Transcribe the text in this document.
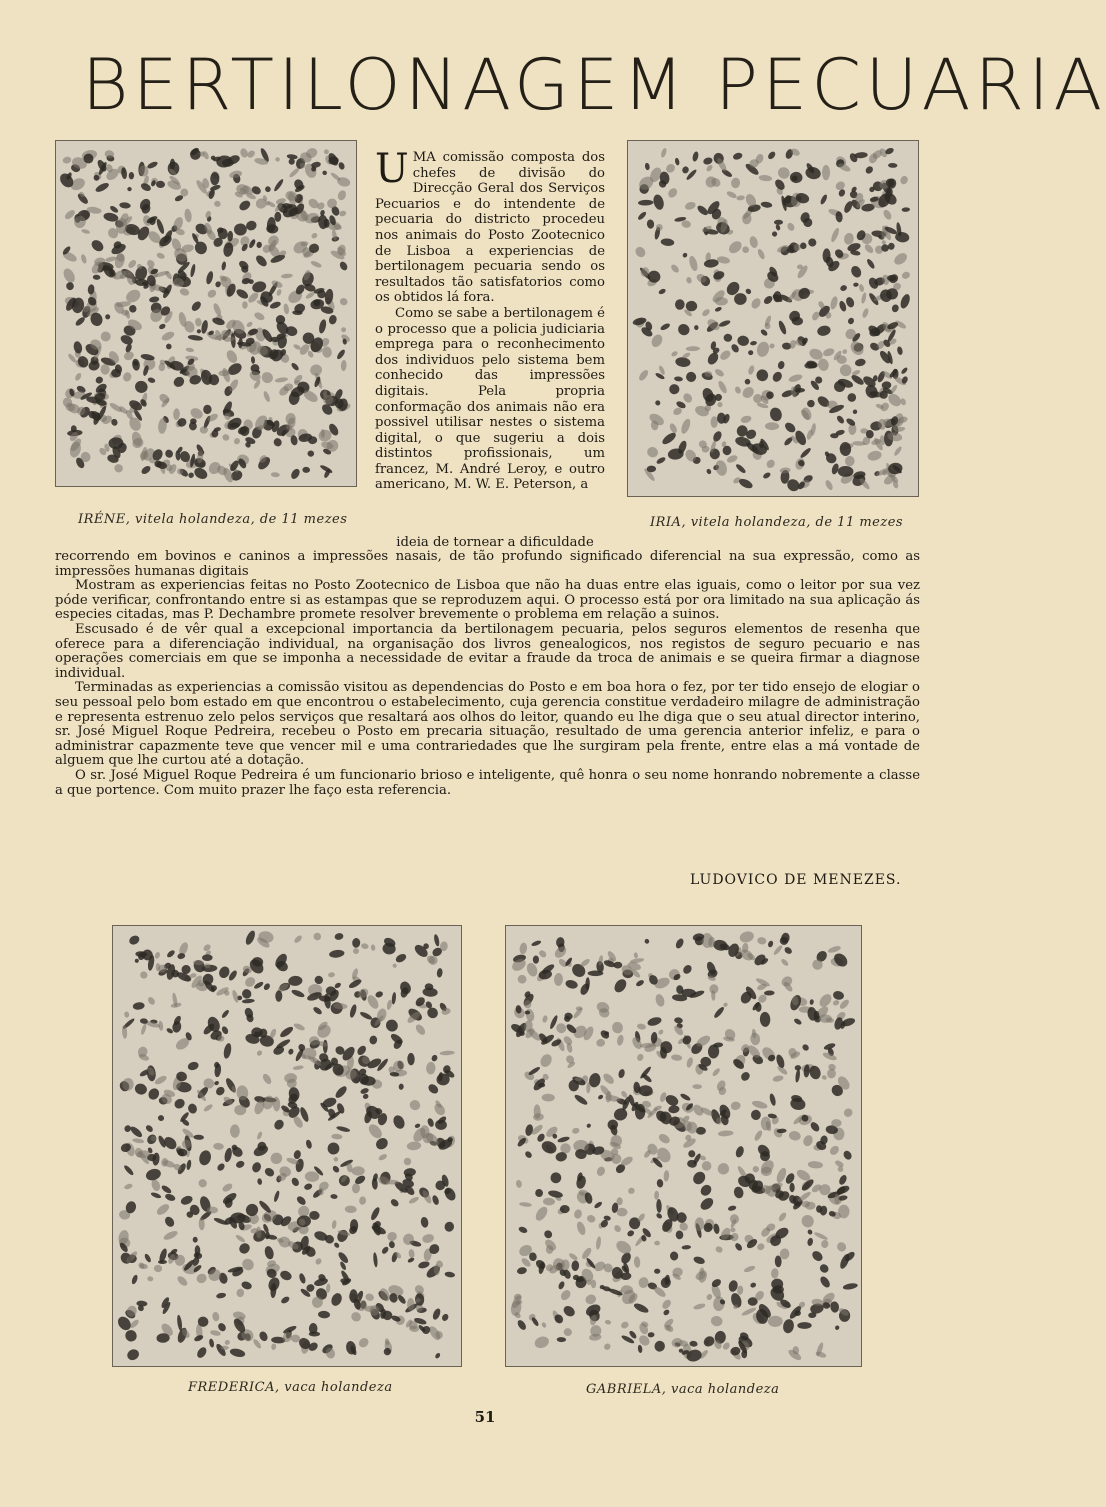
BERTILONAGEM PECUARIA
IRÉNE, vitela holandeza, de 11 mezes	IRIA, vitela holandeza, de 11 mezes

UMA comissão composta dos chefes de divisão do Direcção Geral dos Serviços Pecuarios e do intendente de pecuaria do districto procedeu nos animais do Posto Zootecnico de Lisboa a experiencias de bertilonagem pecuaria sendo os resultados tão satisfatorios como os obtidos lá fora.

Como se sabe a bertilonagem é o processo que a policia judiciaria emprega para o reconhecimento dos individuos pelo sistema bem conhecido das impressões digitais. Pela propria conformação dos animais não era possivel utilisar nestes o sistema digital, o que sugeriu a dois distintos profissionais, um francez, M. André Leroy, e outro americano, M. W. E. Peterson, a

ideia de tornear a dificuldade

recorrendo em bovinos e caninos a impressões nasais, de tão profundo significado diferencial na sua expressão, como as impressões humanas digitais

Mostram as experiencias feitas no Posto Zootecnico de Lisboa que não ha duas entre elas iguais, como o leitor por sua vez póde verificar, confrontando entre si as estampas que se reproduzem aqui. O processo está por ora limitado na sua aplicação ás especies citadas, mas P. Dechambre promete resolver brevemente o problema em relação a suinos.

Escusado é de vêr qual a excepcional importancia da bertilonagem pecuaria, pelos seguros elementos de resenha que oferece para a diferenciação individual, na organisação dos livros genealogicos, nos registos de seguro pecuario e nas operações comerciais em que se imponha a necessidade de evitar a fraude da troca de animais e se queira firmar a diagnose individual.

Terminadas as experiencias a comissão visitou as dependencias do Posto e em boa hora o fez, por ter tido ensejo de elogiar o seu pessoal pelo bom estado em que encontrou o estabelecimento, cuja gerencia constitue verdadeiro milagre de administração e representa estrenuo zelo pelos serviços que resaltará aos olhos do leitor, quando eu lhe diga que o seu atual director interino, sr. José Miguel Roque Pedreira, recebeu o Posto em precaria situação, resultado de uma gerencia anterior infeliz, e para o administrar capazmente teve que vencer mil e uma contrariedades que lhe surgiram pela frente, entre elas a má vontade de alguem que lhe curtou até a dotação.

O sr. José Miguel Roque Pedreira é um funcionario brioso e inteligente, quê honra o seu nome honrando nobremente a classe a que portence. Com muito prazer lhe faço esta referencia.

LUDOVICO DE MENEZES.
FREDERICA, vaca holandeza	GABRIELA, vaca holandeza
51
